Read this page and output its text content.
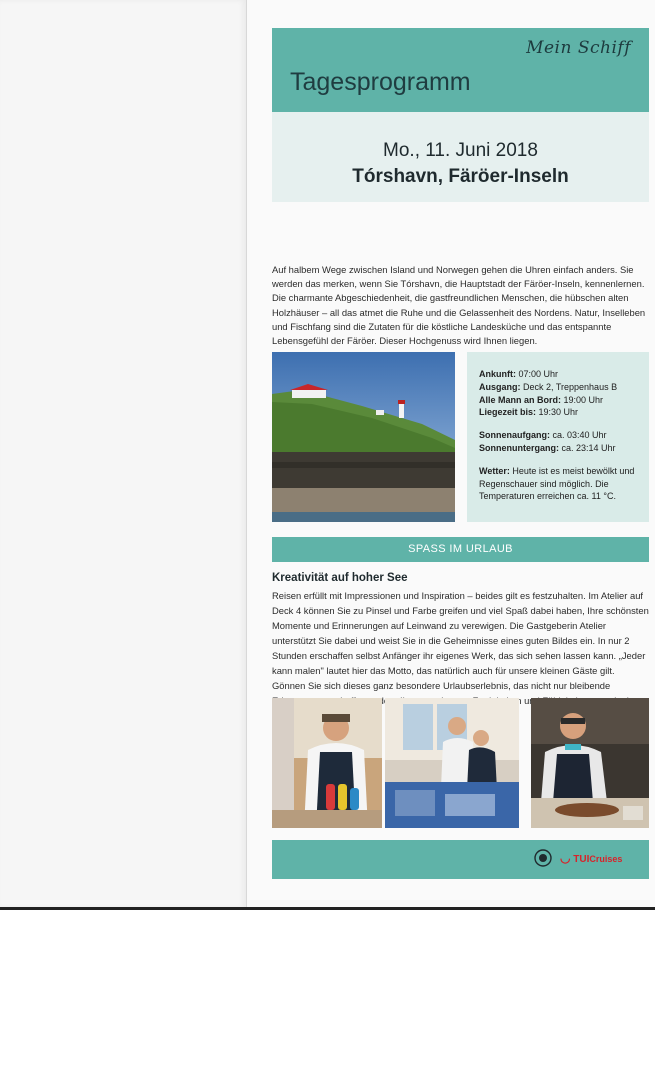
Mein Schiff
Tagesprogramm
Mo., 11. Juni 2018
Tórshavn, Färöer-Inseln
Auf halbem Wege zwischen Island und Norwegen gehen die Uhren einfach anders. Sie werden das merken, wenn Sie Tórshavn, die Hauptstadt der Färöer-Inseln, kennenlernen. Die charmante Abgeschiedenheit, die gastfreundlichen Menschen, die hübschen alten Holzhäuser – all das atmet die Ruhe und die Gelassenheit des Nordens. Natur, Inselleben und Fischfang sind die Zutaten für die köstliche Landesküche und das entspannte Lebensgefühl der Färöer. Dieser Hochgenuss wird Ihnen liegen.
Ankunft: 07:00 Uhr
Ausgang: Deck 2, Treppenhaus B
Alle Mann an Bord: 19:00 Uhr
Liegezeit bis: 19:30 Uhr
Sonnenaufgang: ca. 03:40 Uhr
Sonnenuntergang: ca. 23:14 Uhr
Wetter: Heute ist es meist bewölkt und Regenschauer sind möglich. Die Temperaturen erreichen ca. 11 °C.
SPASS IM URLAUB
Kreativität auf hoher See
Reisen erfüllt mit Impressionen und Inspiration – beides gilt es festzuhalten. Im Atelier auf Deck 4 können Sie zu Pinsel und Farbe greifen und viel Spaß dabei haben, Ihre schönsten Momente und Erinnerungen auf Leinwand zu verewigen. Die Gastgeberin Atelier unterstützt Sie dabei und weist Sie in die Geheimnisse eines guten Bildes ein. In nur 2 Stunden erschaffen selbst Anfänger ihr eigenes Werk, das sich sehen lassen kann. „Jeder kann malen" lautet hier das Motto, das natürlich auch für unsere kleinen Gäste gilt. Gönnen Sie sich dieses ganz besondere Urlaubserlebnis, das nicht nur bleibende
◡ TUICruises
